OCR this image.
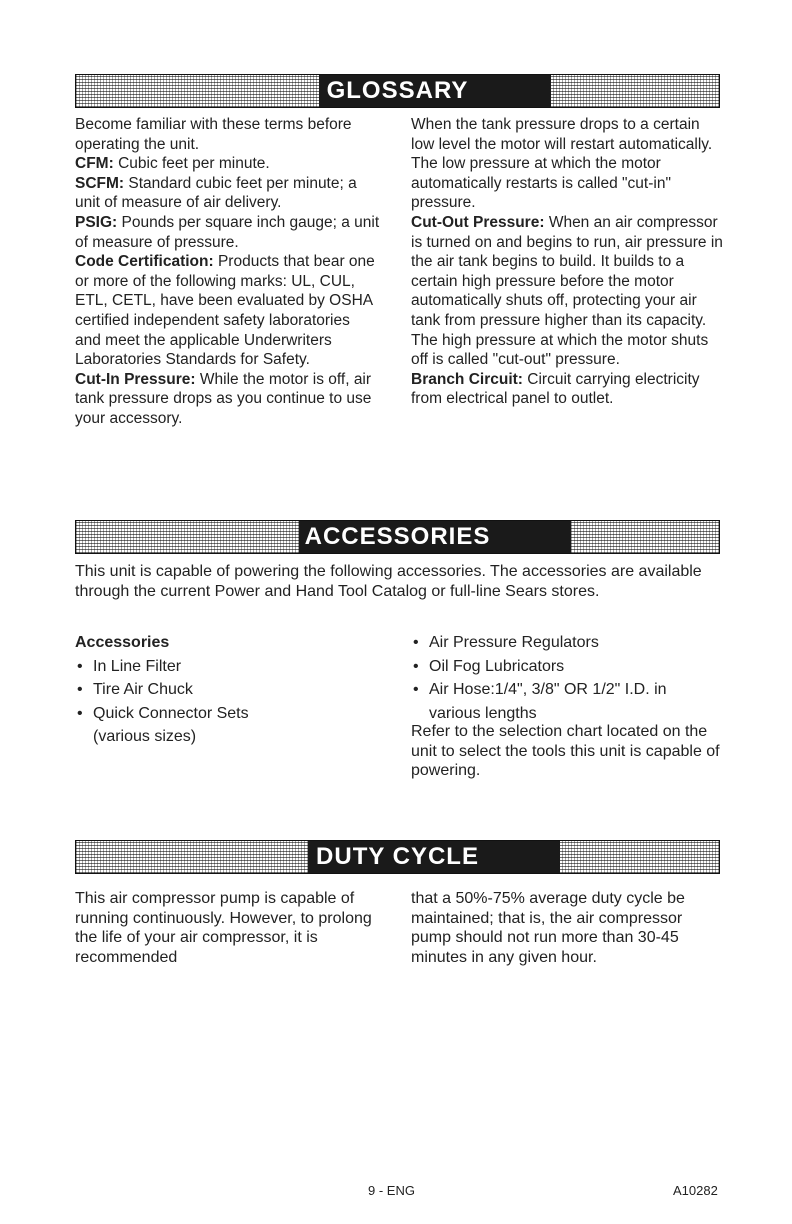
GLOSSARY

Become familiar with these terms before operating the unit.

CFM: Cubic feet per minute.

SCFM: Standard cubic feet per minute; a unit of measure of air delivery.

PSIG: Pounds per square inch gauge; a unit of measure of pressure.

Code Certification: Products that bear one or more of the following marks: UL, CUL, ETL, CETL, have been evaluated by OSHA certified independent safety laboratories and meet the applicable Underwriters Laboratories Standards for Safety.

Cut-In Pressure: While the motor is off, air tank pressure drops as you continue to use your accessory.

When the tank pressure drops to a certain low level the motor will restart automatically. The low pressure at which the motor automatically restarts is called "cut-in" pressure.

Cut-Out Pressure: When an air compressor is turned on and begins to run, air pressure in the air tank begins to build. It builds to a certain high pressure before the motor automatically shuts off, protecting your air tank from pressure higher than its capacity. The high pressure at which the motor shuts off is called "cut-out" pressure.

Branch Circuit: Circuit carrying electricity from electrical panel to outlet.

ACCESSORIES
This unit is capable of powering the following accessories. The accessories are available through the current Power and Hand Tool Catalog or full-line Sears stores.

Accessories

• In Line Filter
• Tire Air Chuck
• Quick Connector Sets

(various sizes)

• Air Pressure Regulators
• Oil Fog Lubricators
• Air Hose:1/4", 3/8" OR 1/2" I.D. in

various lengths

Refer to the selection chart located on the unit to select the tools this unit is capable of powering.
DUTY CYCLE
This air compressor pump is capable of running continuously. However, to prolong the life of your air compressor, it is recommended
that a 50%-75% average duty cycle be maintained; that is, the air compressor pump should not run more than 30-45 minutes in any given hour.
9 - ENG	A10282
